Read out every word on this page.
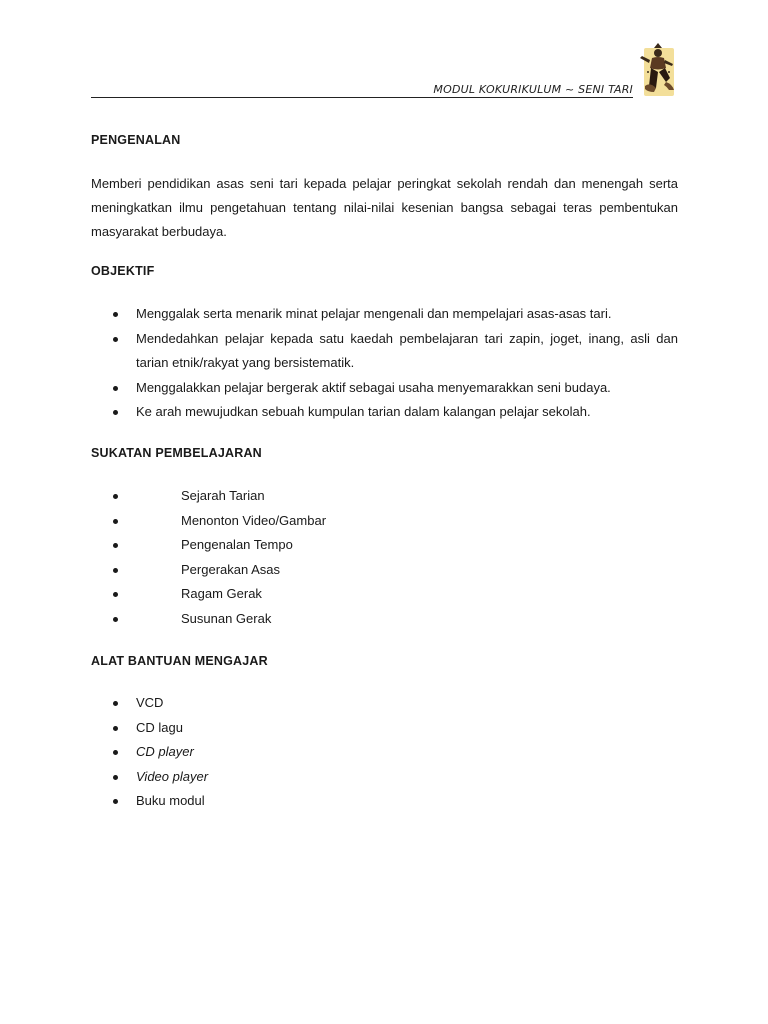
MODUL KOKURIKULUM ~ SENI TARI
PENGENALAN
Memberi pendidikan asas seni tari kepada pelajar peringkat sekolah rendah dan menengah serta meningkatkan ilmu pengetahuan tentang nilai-nilai kesenian bangsa sebagai teras pembentukan masyarakat berbudaya.
OBJEKTIF
Menggalak serta menarik minat pelajar mengenali dan mempelajari asas-asas tari.
Mendedahkan pelajar kepada satu kaedah pembelajaran tari zapin, joget, inang, asli dan tarian etnik/rakyat yang bersistematik.
Menggalakkan pelajar bergerak aktif sebagai usaha menyemarakkan seni budaya.
Ke arah mewujudkan sebuah kumpulan tarian dalam kalangan pelajar sekolah.
SUKATAN PEMBELAJARAN
Sejarah Tarian
Menonton Video/Gambar
Pengenalan Tempo
Pergerakan Asas
Ragam Gerak
Susunan Gerak
ALAT BANTUAN MENGAJAR
VCD
CD lagu
CD player
Video player
Buku modul
